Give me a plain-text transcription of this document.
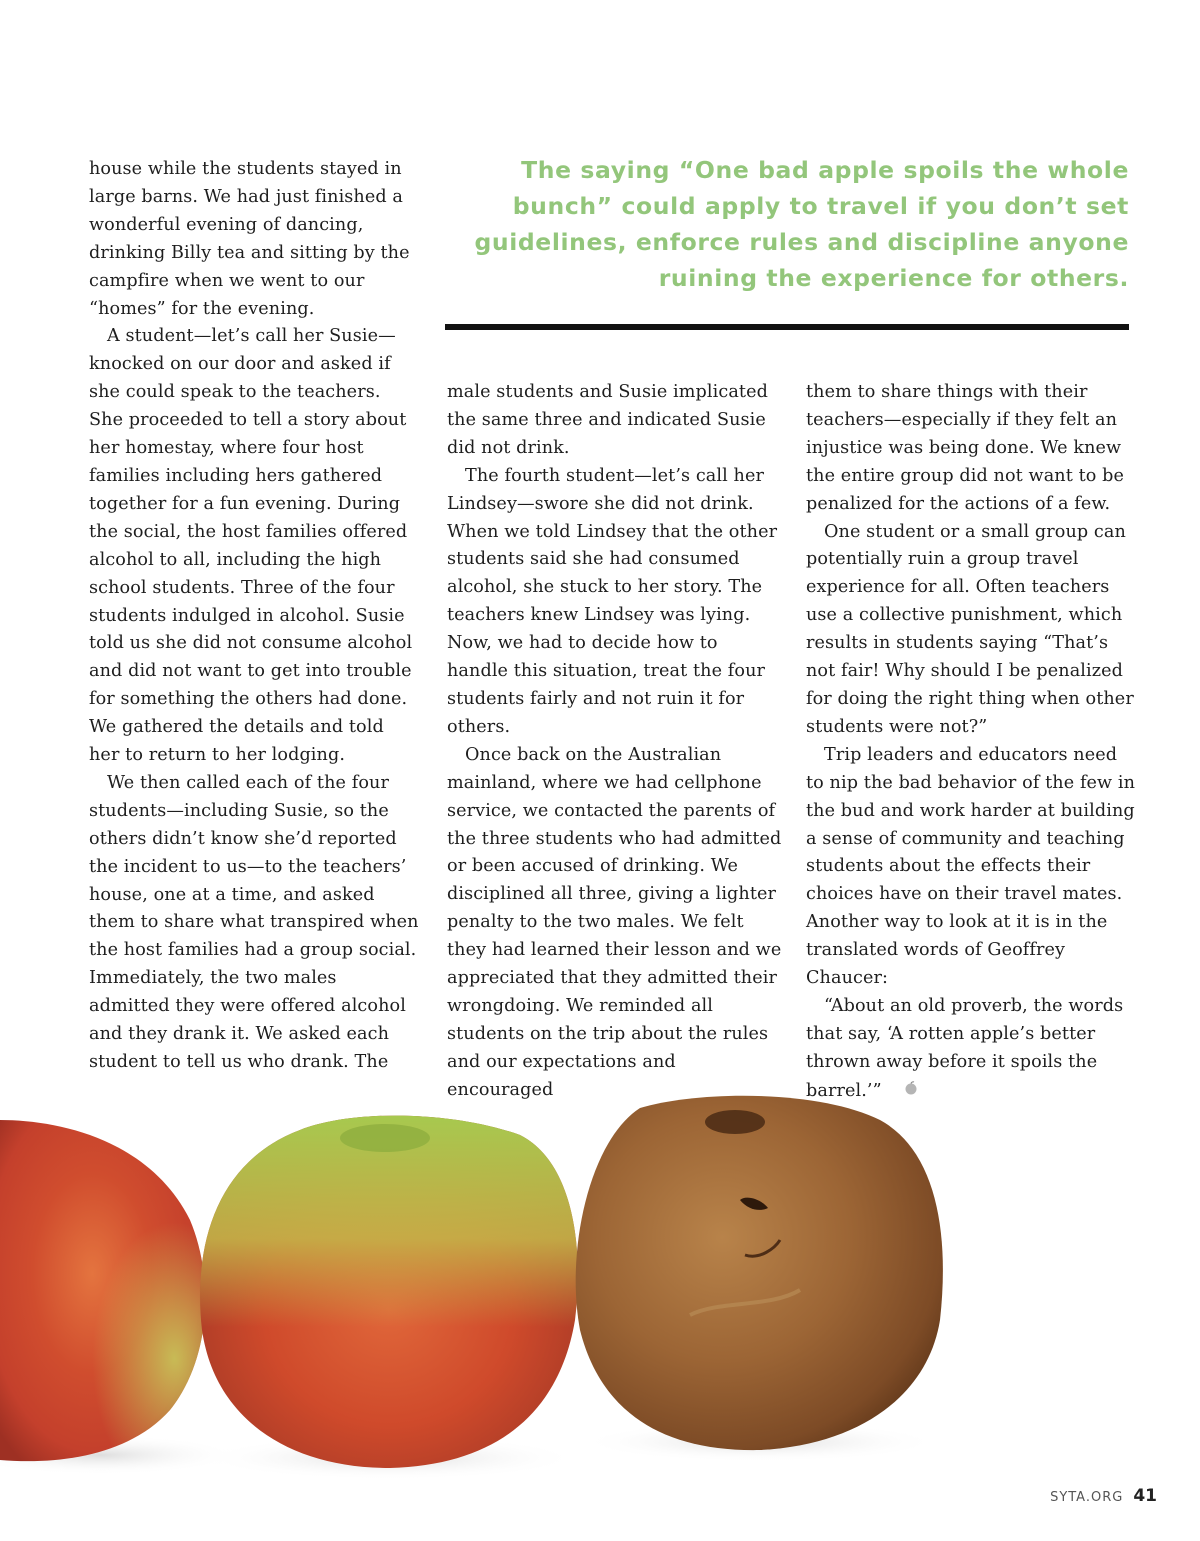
house while the students stayed in large barns. We had just finished a wonderful evening of dancing, drinking Billy tea and sitting by the campfire when we went to our “homes” for the evening.

A student—let’s call her Susie—knocked on our door and asked if she could speak to the teachers. She proceeded to tell a story about her homestay, where four host families including hers gathered together for a fun evening. During the social, the host families offered alcohol to all, including the high school students. Three of the four students indulged in alcohol. Susie told us she did not consume alcohol and did not want to get into trouble for something the others had done. We gathered the details and told her to return to her lodging.

We then called each of the four students—including Susie, so the others didn’t know she’d reported the incident to us—to the teachers’ house, one at a time, and asked them to share what transpired when the host families had a group social. Immediately, the two males admitted they were offered alcohol and they drank it. We asked each student to tell us who drank. The

The saying “One bad apple spoils the whole bunch” could apply to travel if you don’t set guidelines, enforce rules and discipline anyone ruining the experience for others.

male students and Susie implicated the same three and indicated Susie did not drink.

The fourth student—let’s call her Lindsey—swore she did not drink. When we told Lindsey that the other students said she had consumed alcohol, she stuck to her story. The teachers knew Lindsey was lying. Now, we had to decide how to handle this situation, treat the four students fairly and not ruin it for others.

Once back on the Australian mainland, where we had cellphone service, we contacted the parents of the three students who had admitted or been accused of drinking. We disciplined all three, giving a lighter penalty to the two males. We felt they had learned their lesson and we appreciated that they admitted their wrongdoing. We reminded all students on the trip about the rules and our expectations and encouraged

them to share things with their teachers—especially if they felt an injustice was being done. We knew the entire group did not want to be penalized for the actions of a few.

One student or a small group can potentially ruin a group travel experience for all. Often teachers use a collective punishment, which results in students saying “That’s not fair! Why should I be penalized for doing the right thing when other students were not?”

Trip leaders and educators need to nip the bad behavior of the few in the bud and work harder at building a sense of community and teaching students about the effects their choices have on their travel mates. Another way to look at it is in the translated words of Geoffrey Chaucer:

“About an old proverb, the words that say, ‘A rotten apple’s better thrown away before it spoils the barrel.’”

SYTA.ORG 41
